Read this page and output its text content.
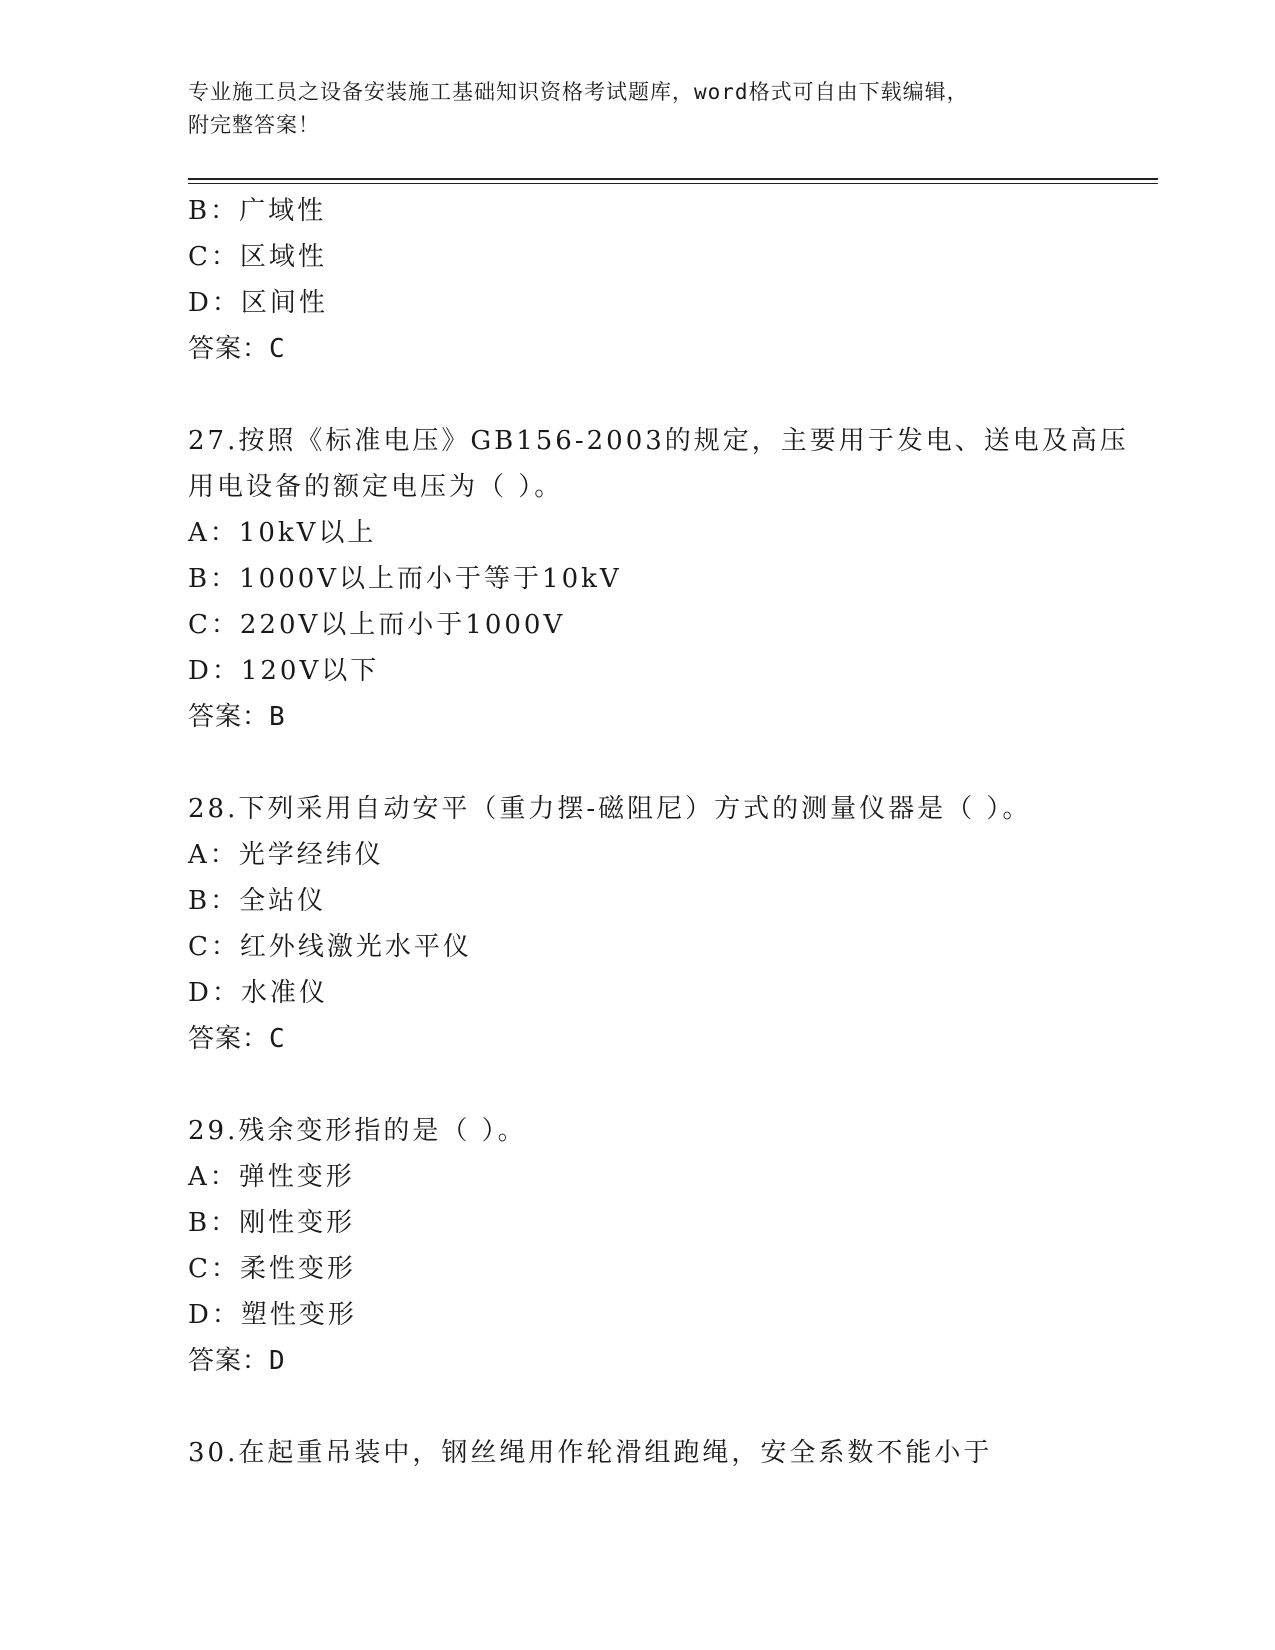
专业施工员之设备安装施工基础知识资格考试题库，word格式可自由下载编辑，
附完整答案！
B：广域性
C：区域性
D：区间性
答案：C
27.按照《标准电压》GB156-2003的规定，主要用于发电、送电及高压
用电设备的额定电压为（ ）。
A：10kV以上
B：1000V以上而小于等于10kV
C：220V以上而小于1000V
D：120V以下
答案：B
28.下列采用自动安平（重力摆-磁阻尼）方式的测量仪器是（ ）。
A：光学经纬仪
B：全站仪
C：红外线激光水平仪
D：水准仪
答案：C
29.残余变形指的是（ ）。
A：弹性变形
B：刚性变形
C：柔性变形
D：塑性变形
答案：D
30.在起重吊装中，钢丝绳用作轮滑组跑绳，安全系数不能小于
